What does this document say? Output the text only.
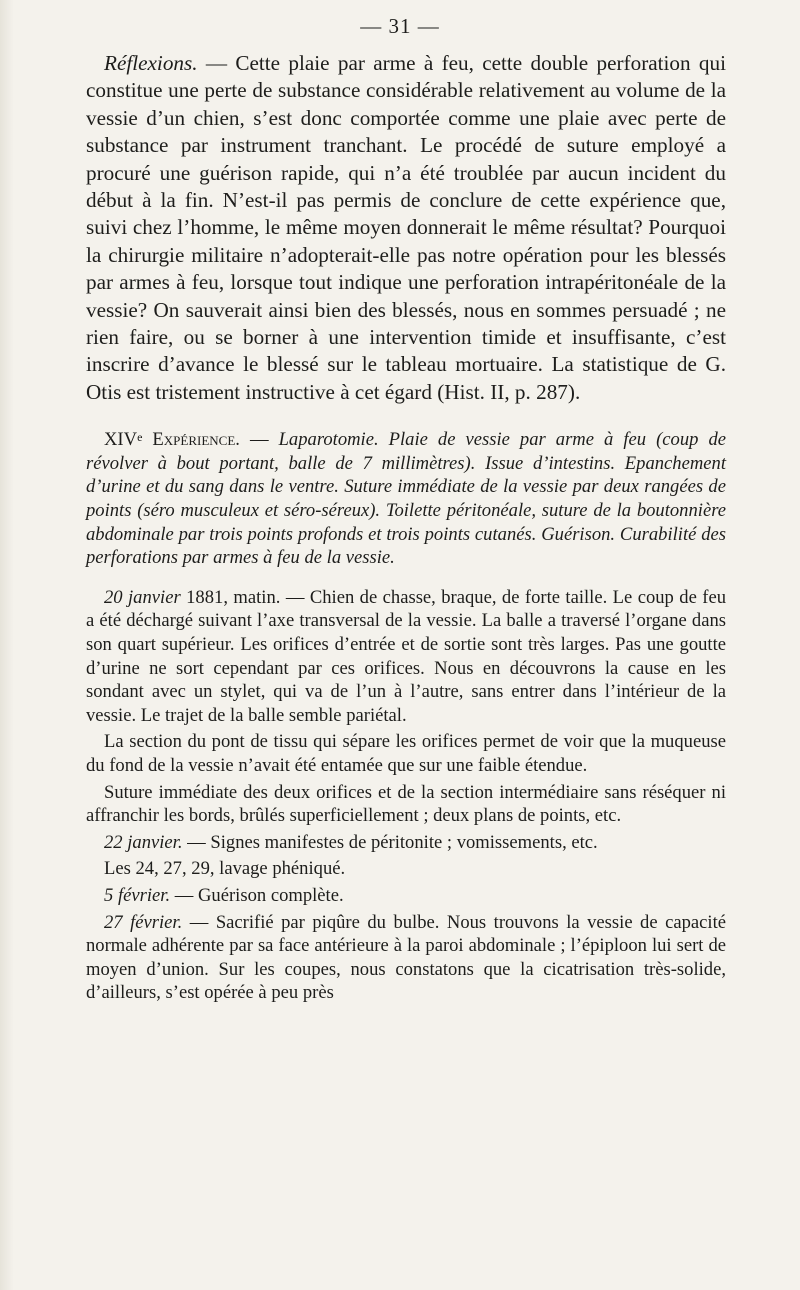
— 31 —

Réflexions. — Cette plaie par arme à feu, cette double perforation qui constitue une perte de substance considérable relativement au volume de la vessie d’un chien, s’est donc comportée comme une plaie avec perte de substance par instrument tranchant. Le procédé de suture employé a procuré une guérison rapide, qui n’a été troublée par aucun incident du début à la fin. N’est-il pas permis de conclure de cette expérience que, suivi chez l’homme, le même moyen donnerait le même résultat? Pourquoi la chirurgie militaire n’adopterait-elle pas notre opération pour les blessés par armes à feu, lorsque tout indique une perforation intrapéritonéale de la vessie? On sauverait ainsi bien des blessés, nous en sommes persuadé ; ne rien faire, ou se borner à une intervention timide et insuffisante, c’est inscrire d’avance le blessé sur le tableau mortuaire. La statistique de G. Otis est tristement instructive à cet égard (Hist. II, p. 287).

XIVe Expérience. — Laparotomie. Plaie de vessie par arme à feu (coup de révolver à bout portant, balle de 7 millimètres). Issue d’intestins. Epanchement d’urine et du sang dans le ventre. Suture immédiate de la vessie par deux rangées de points (séro musculeux et séro-séreux). Toilette péritonéale, suture de la boutonnière abdominale par trois points profonds et trois points cutanés. Guérison. Curabilité des perforations par armes à feu de la vessie.

20 janvier 1881, matin. — Chien de chasse, braque, de forte taille. Le coup de feu a été déchargé suivant l’axe transversal de la vessie. La balle a traversé l’organe dans son quart supérieur. Les orifices d’entrée et de sortie sont très larges. Pas une goutte d’urine ne sort cependant par ces orifices. Nous en découvrons la cause en les sondant avec un stylet, qui va de l’un à l’autre, sans entrer dans l’intérieur de la vessie. Le trajet de la balle semble pariétal.

La section du pont de tissu qui sépare les orifices permet de voir que la muqueuse du fond de la vessie n’avait été entamée que sur une faible étendue.

Suture immédiate des deux orifices et de la section intermédiaire sans réséquer ni affranchir les bords, brûlés superficiellement ; deux plans de points, etc.

22 janvier. — Signes manifestes de péritonite ; vomissements, etc.

Les 24, 27, 29, lavage phéniqué.

5 février. — Guérison complète.

27 février. — Sacrifié par piqûre du bulbe. Nous trouvons la vessie de capacité normale adhérente par sa face antérieure à la paroi abdominale ; l’épiploon lui sert de moyen d’union. Sur les coupes, nous constatons que la cicatrisation très-solide, d’ailleurs, s’est opérée à peu près
